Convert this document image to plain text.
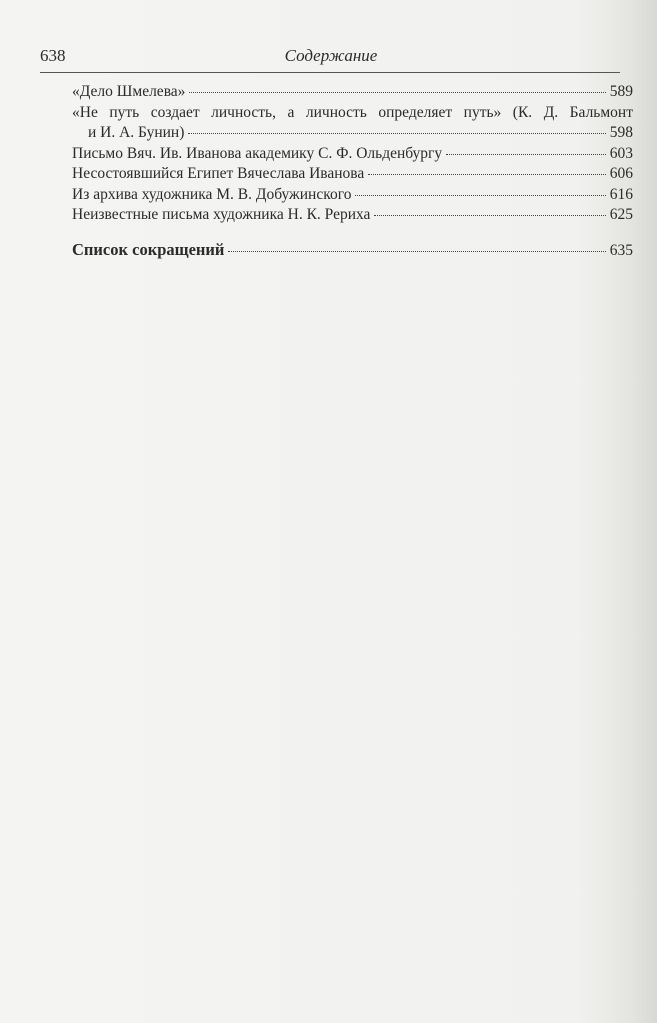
638	Содержание
«Дело Шмелева»	589
«Не путь создает личность, а личность определяет путь» (К. Д. Бальмонт
и И. А. Бунин)	598
Письмо Вяч. Ив. Иванова академику С. Ф. Ольденбургу	603
Несостоявшийся Египет Вячеслава Иванова	606
Из архива художника М. В. Добужинского	616
Неизвестные письма художника Н. К. Рериха	625
Список сокращений	635
